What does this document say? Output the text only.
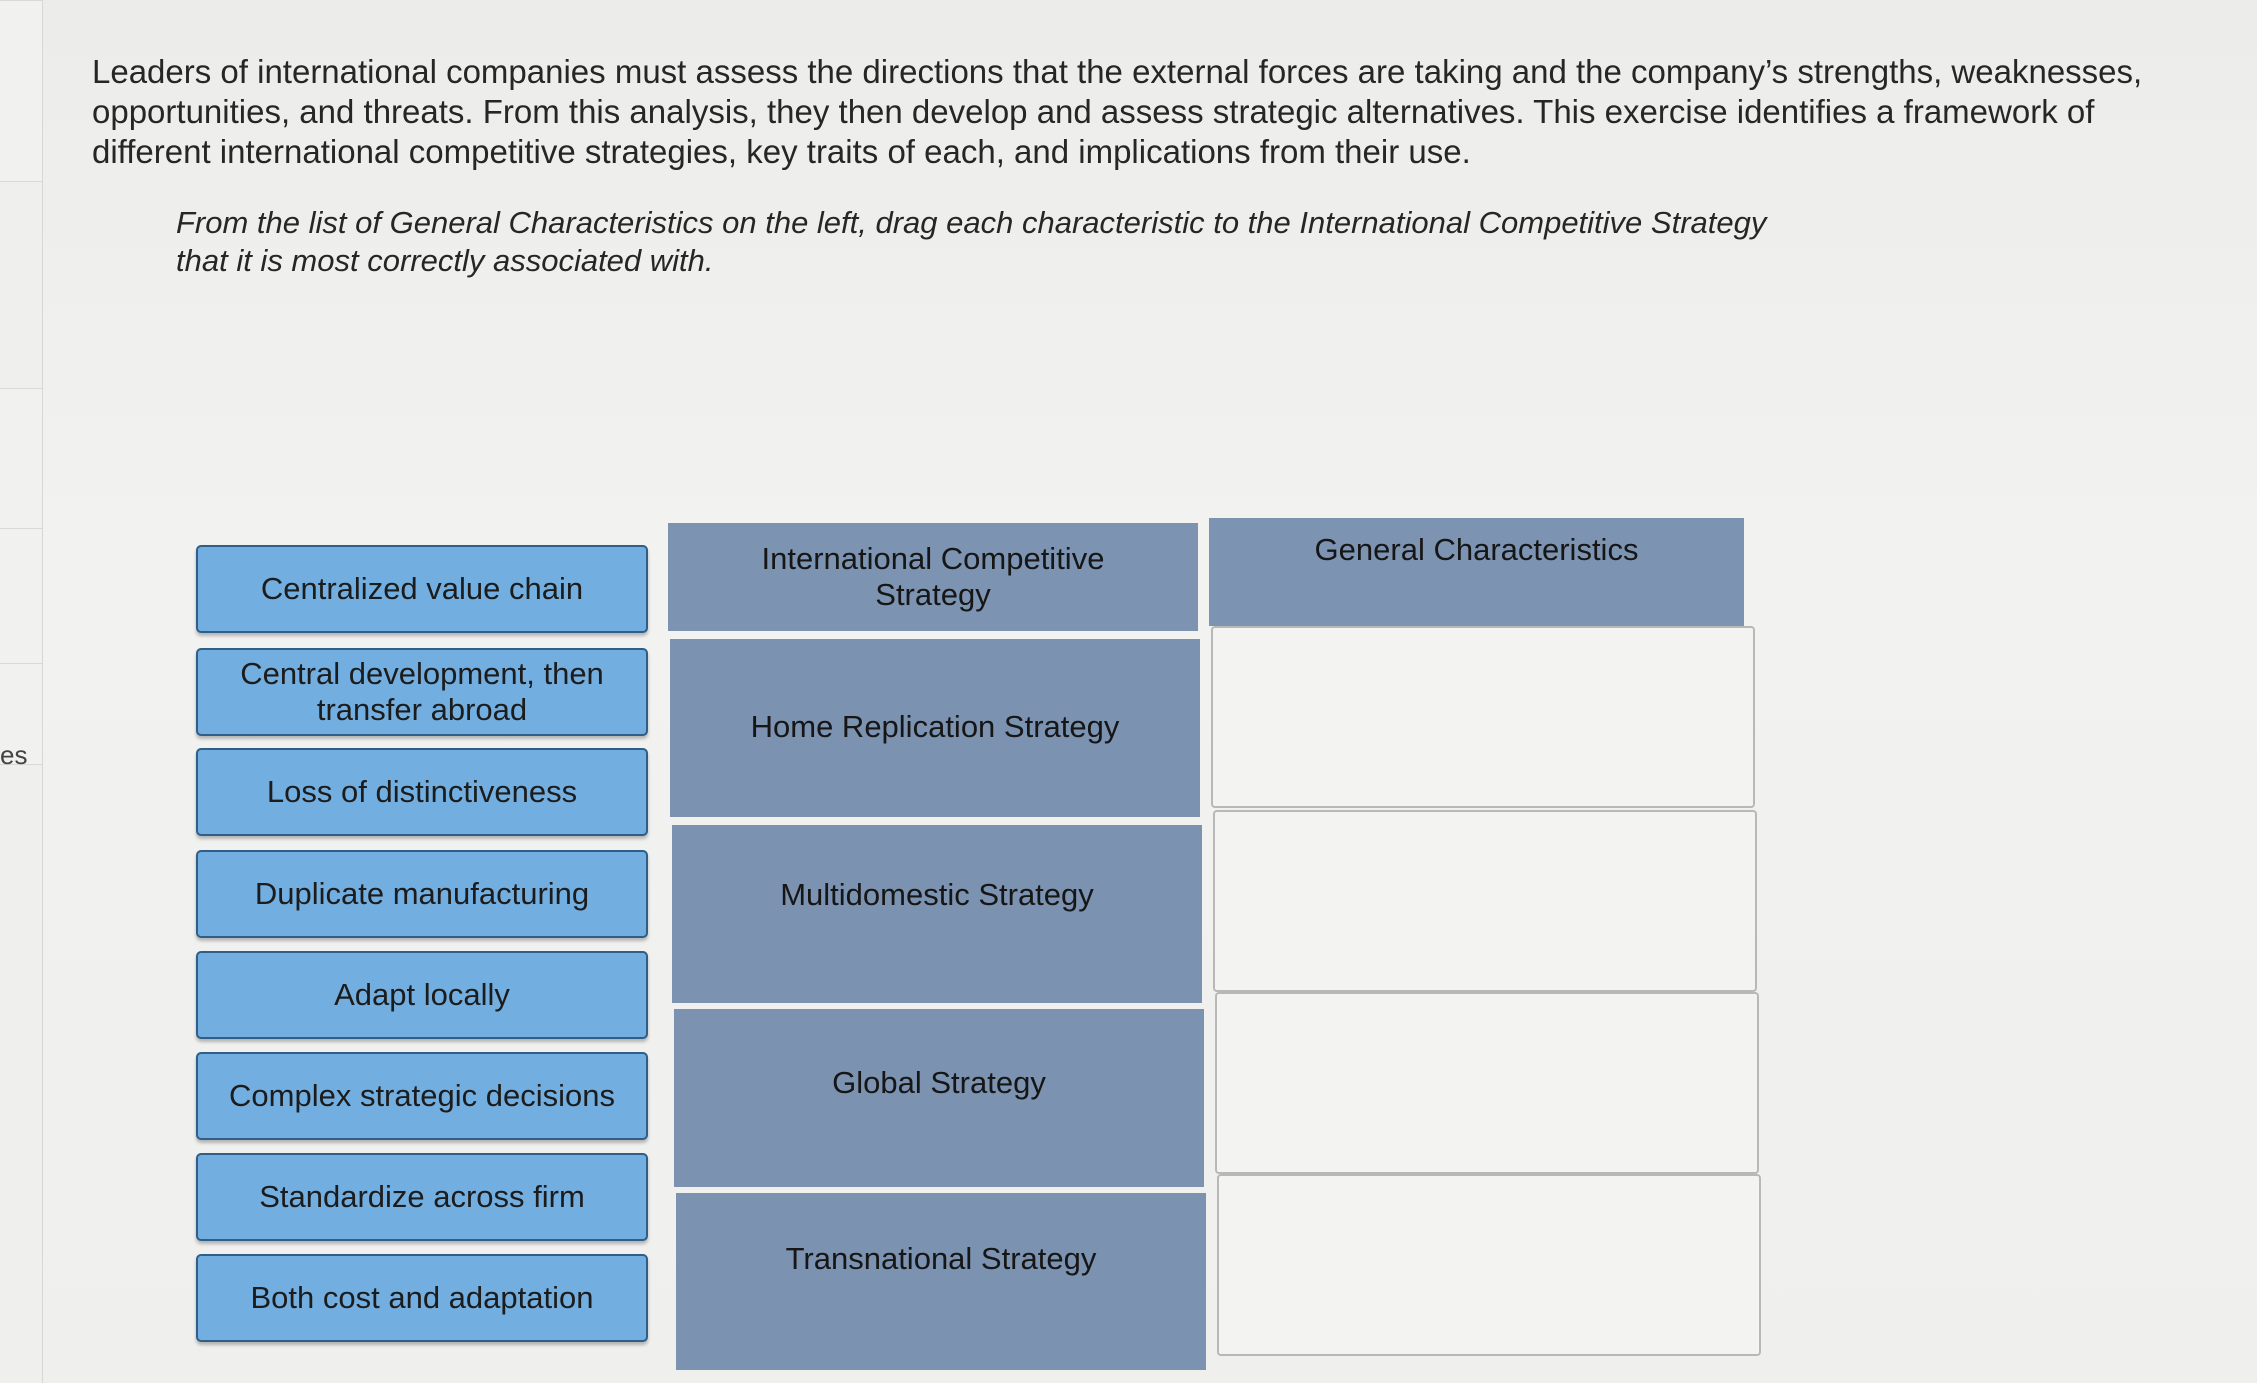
es
Leaders of international companies must assess the directions that the external forces are taking and the company’s strengths, weaknesses, opportunities, and threats. From this analysis, they then develop and assess strategic alternatives. This exercise identifies a framework of different international competitive strategies, key traits of each, and implications from their use.
From the list of General Characteristics on the left, drag each characteristic to the International Competitive Strategy that it is most correctly associated with.
Centralized value chain
Central development, then transfer abroad
Loss of distinctiveness
Duplicate manufacturing
Adapt locally
Complex strategic decisions
Standardize across firm
Both cost and adaptation
International Competitive Strategy
General Characteristics
Home Replication Strategy
Multidomestic Strategy
Global Strategy
Transnational Strategy
